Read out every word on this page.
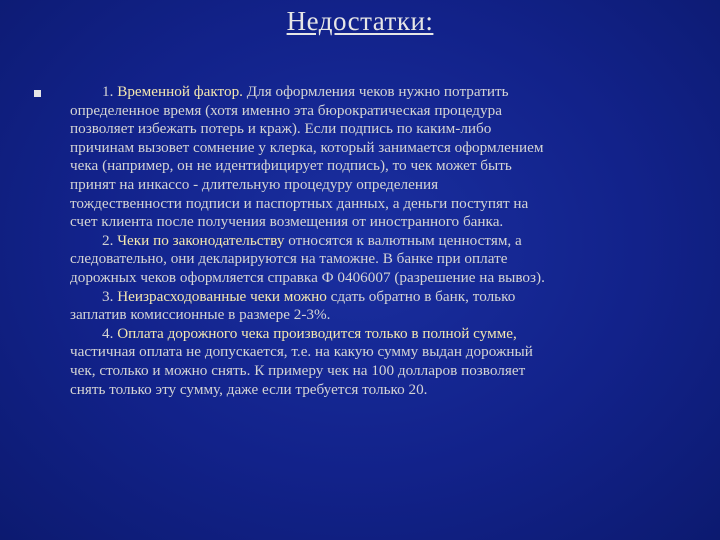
Недостатки:
1. Временной фактор. Для оформления чеков нужно потратить
определенное время (хотя именно эта бюрократическая процедура
позволяет избежать потерь и краж). Если подпись по каким-либо
причинам вызовет сомнение у клерка, который занимается оформлением
чека (например, он не идентифицирует подпись), то чек может быть
принят на инкассо - длительную процедуру определения
тождественности подписи и паспортных данных, а деньги поступят на
счет клиента после получения возмещения от иностранного банка.
2. Чеки по законодательству относятся к валютным ценностям, а
следовательно, они декларируются на таможне. В банке при оплате
дорожных чеков оформляется справка Ф 0406007 (разрешение на вывоз).
3. Неизрасходованные чеки можно сдать обратно в банк, только
заплатив комиссионные в размере 2-3%.
4. Оплата дорожного чека производится только в полной сумме,
частичная оплата не допускается, т.е. на какую сумму выдан дорожный
чек, столько и можно снять. К примеру чек на 100 долларов позволяет
снять только эту сумму, даже если требуется только 20.
